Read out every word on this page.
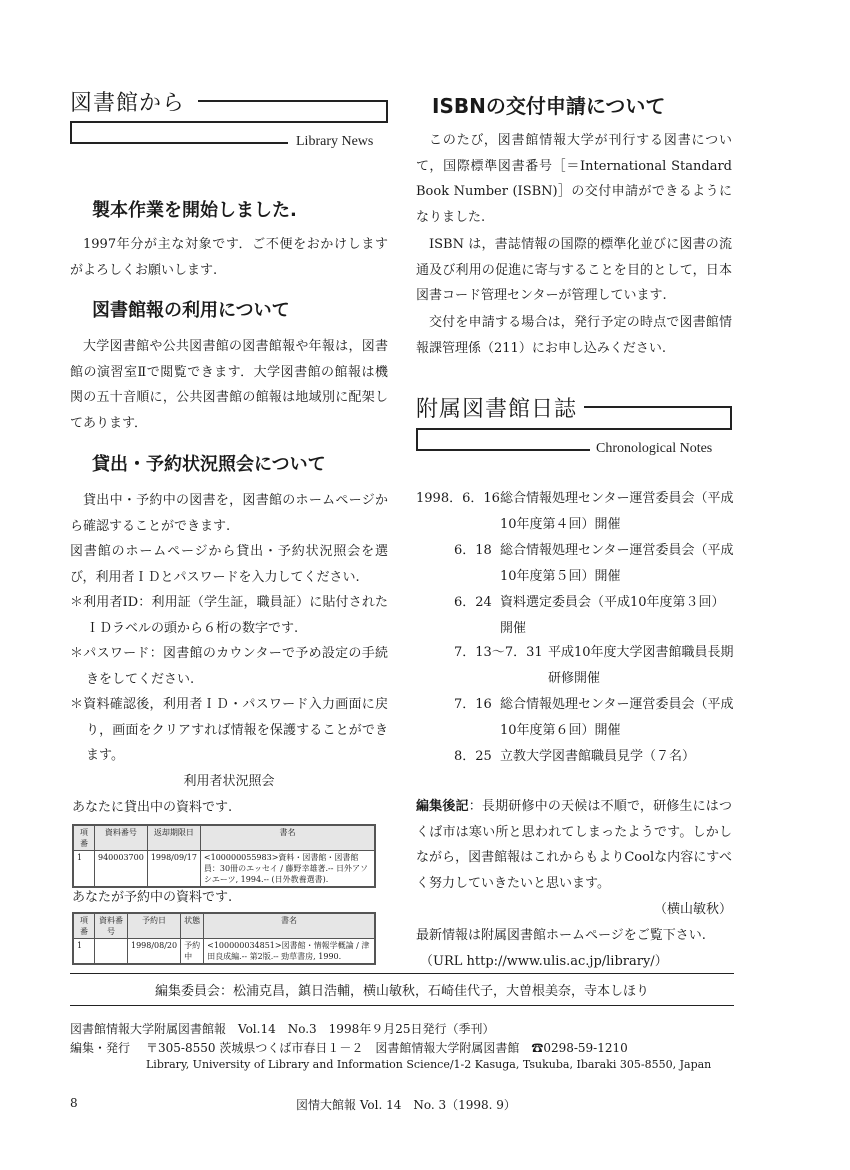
図書館から
Library News
製本作業を開始しました.

1997年分が主な対象です．ご不便をおかけしますがよろしくお願いします.

図書館報の利用について

大学図書館や公共図書館の図書館報や年報は，図書館の演習室Ⅱで閲覧できます．大学図書館の館報は機関の五十音順に，公共図書館の館報は地域別に配架してあります．

貸出・予約状況照会について

貸出中・予約中の図書を，図書館のホームページから確認することができます.

図書館のホームページから貸出・予約状況照会を選び，利用者ＩＤとパスワードを入力してください.

＊利用者ID：利用証（学生証，職員証）に貼付されたＩＤラベルの頭から６桁の数字です.

＊パスワード：図書館のカウンターで予め設定の手続きをしてください.

＊資料確認後，利用者ＩＤ・パスワード入力画面に戻り，画面をクリアすれば情報を保護することができます。

利用者状況照会
あなたに貸出中の資料です.
項番	資料番号	返却期限日	書名
1	940003700	1998/09/17	<100000055983>資料・図書館・図書館員：30冊のエッセイ / 藤野幸雄著.-- 日外アソシエーツ, 1994.-- (日外教養選書).
あなたが予約中の資料です.
項番	資料番号	予約日	状態	書名
1		1998/08/20	予約中	<100000034851>図書館・情報学概論 / 津田良成編.-- 第2版.-- 勁草書房, 1990.
ISBNの交付申請について

このたび，図書館情報大学が刊行する図書について，国際標準図書番号［＝International Standard Book Number (ISBN)］の交付申請ができるようになりました.

ISBN は，書誌情報の国際的標準化並びに図書の流通及び利用の促進に寄与することを目的として，日本図書コード管理センターが管理しています.

交付を申請する場合は，発行予定の時点で図書館情報課管理係（211）にお申し込みください.

附属図書館日誌
Chronological Notes
1998．6．16 総合情報処理センター運営委員会（平成10年度第４回）開催
6．18 総合情報処理センター運営委員会（平成10年度第５回）開催
6．24 資料選定委員会（平成10年度第３回）開催
7．13～7．31 平成10年度大学図書館職員長期研修開催
7．16 総合情報処理センター運営委員会（平成10年度第６回）開催
8．25 立教大学図書館職員見学（７名）

編集後記：長期研修中の天候は不順で，研修生にはつくば市は寒い所と思われてしまったようです。しかしながら，図書館報はこれからもよりCoolな内容にすべく努力していきたいと思います。

（横山敏秋）
最新情報は附属図書館ホームページをご覧下さい.
（URL http://www.ulis.ac.jp/library/）
編集委員会：松浦克昌，鎮日浩輔，横山敏秋，石崎佳代子，大曽根美奈，寺本しほり
図書館情報大学附属図書館報　Vol.14　No.3　1998年９月25日発行（季刊）
編集・発行 〒305-8550 茨城県つくば市春日１－２　図書館情報大学附属図書館　☎0298-59-1210
Library, University of Library and Information Science/1-2 Kasuga, Tsukuba, Ibaraki 305-8550, Japan
8	図情大館報 Vol. 14　No. 3（1998. 9）
